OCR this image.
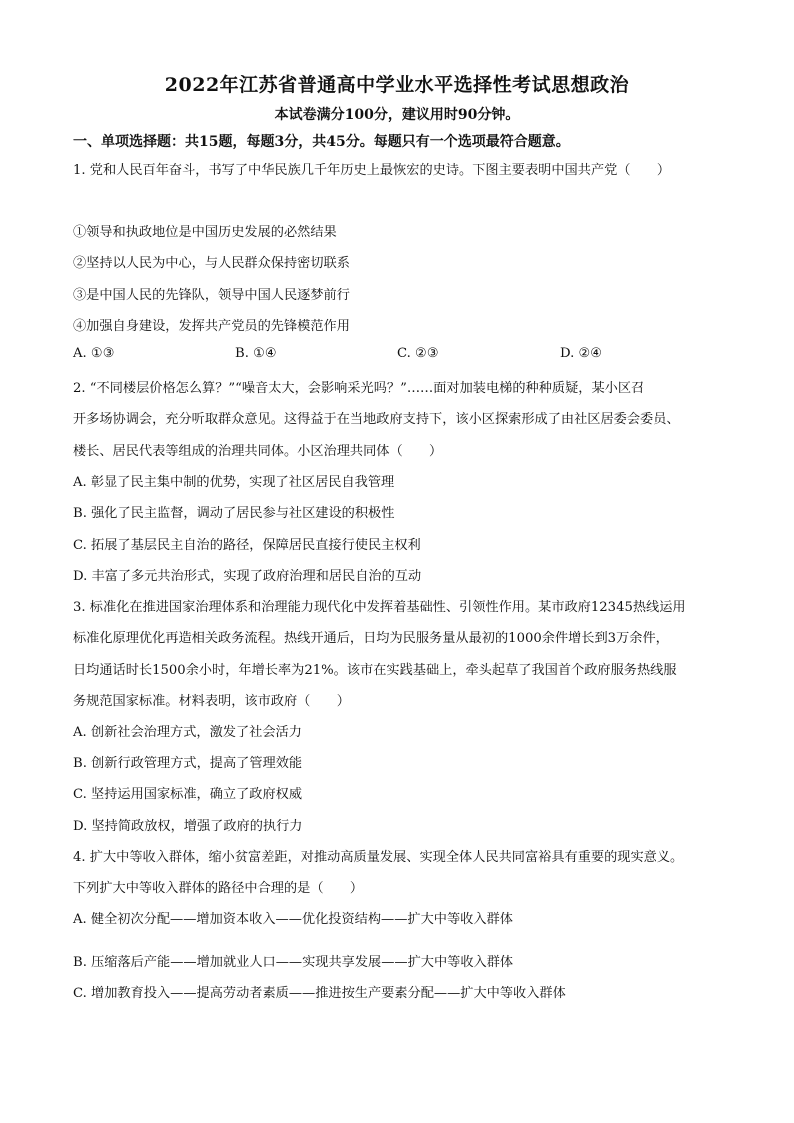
2022年江苏省普通高中学业水平选择性考试思想政治
本试卷满分100分，建议用时90分钟。
一、单项选择题：共15题，每题3分，共45分。每题只有一个选项最符合题意。
1. 党和人民百年奋斗，书写了中华民族几千年历史上最恢宏的史诗。下图主要表明中国共产党（　　）
①领导和执政地位是中国历史发展的必然结果
②坚持以人民为中心，与人民群众保持密切联系
③是中国人民的先锋队，领导中国人民逐梦前行
④加强自身建设，发挥共产党员的先锋模范作用
A. ①③	B. ①④	C. ②③	D. ②④
2. “不同楼层价格怎么算？”“噪音太大，会影响采光吗？”……面对加装电梯的种种质疑，某小区召
开多场协调会，充分听取群众意见。这得益于在当地政府支持下，该小区探索形成了由社区居委会委员、
楼长、居民代表等组成的治理共同体。小区治理共同体（　　）
A. 彰显了民主集中制的优势，实现了社区居民自我管理
B. 强化了民主监督，调动了居民参与社区建设的积极性
C. 拓展了基层民主自治的路径，保障居民直接行使民主权利
D. 丰富了多元共治形式，实现了政府治理和居民自治的互动
3. 标准化在推进国家治理体系和治理能力现代化中发挥着基础性、引领性作用。某市政府12345热线运用
标准化原理优化再造相关政务流程。热线开通后，日均为民服务量从最初的1000余件增长到3万余件，
日均通话时长1500余小时，年增长率为21%。该市在实践基础上，牵头起草了我国首个政府服务热线服
务规范国家标准。材料表明，该市政府（　　）
A. 创新社会治理方式，激发了社会活力
B. 创新行政管理方式，提高了管理效能
C. 坚持运用国家标准，确立了政府权威
D. 坚持简政放权，增强了政府的执行力
4. 扩大中等收入群体，缩小贫富差距，对推动高质量发展、实现全体人民共同富裕具有重要的现实意义。
下列扩大中等收入群体的路径中合理的是（　　）
A. 健全初次分配——增加资本收入——优化投资结构——扩大中等收入群体
B. 压缩落后产能——增加就业人口——实现共享发展——扩大中等收入群体
C. 增加教育投入——提高劳动者素质——推进按生产要素分配——扩大中等收入群体
